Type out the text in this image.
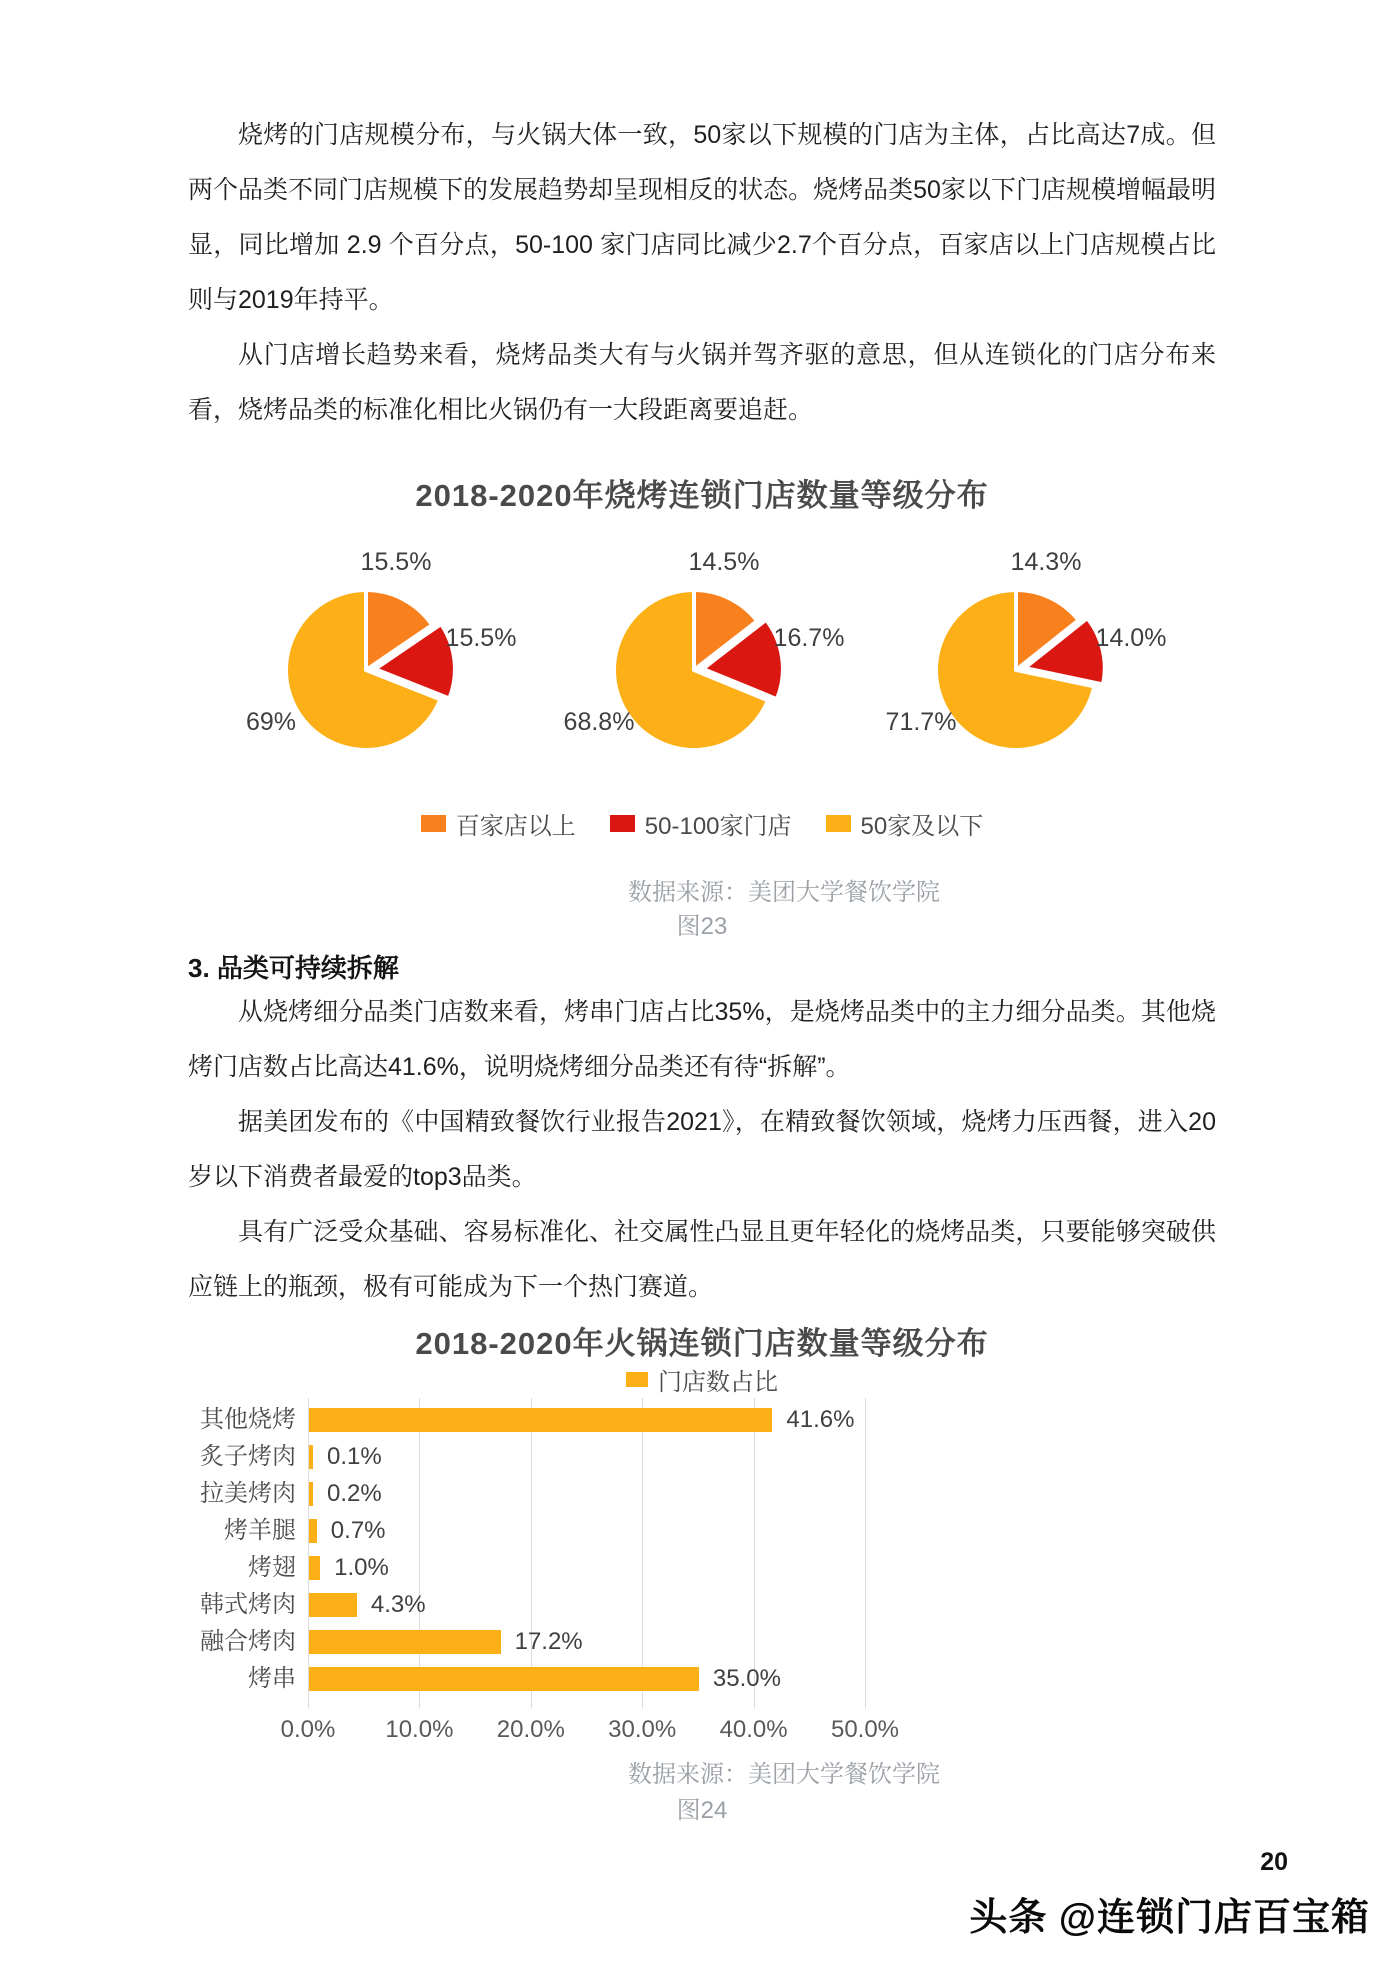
烧烤的门店规模分布，与火锅大体一致，50家以下规模的门店为主体，占比高达7成。但两个品类不同门店规模下的发展趋势却呈现相反的状态。烧烤品类50家以下门店规模增幅最明显，同比增加 2.9 个百分点，50-100 家门店同比减少2.7个百分点，百家店以上门店规模占比则与2019年持平。

从门店增长趋势来看，烧烤品类大有与火锅并驾齐驱的意思，但从连锁化的门店分布来看，烧烤品类的标准化相比火锅仍有一大段距离要追赶。

2018-2020年烧烤连锁门店数量等级分布
15.5%
15.5%
69%
14.5%
16.7%
68.8%
14.3%
14.0%
71.7%
百家店以上	50-100家门店	50家及以下
数据来源：美团大学餐饮学院
图23
3. 品类可持续拆解

从烧烤细分品类门店数来看，烤串门店占比35%，是烧烤品类中的主力细分品类。其他烧烤门店数占比高达41.6%，说明烧烤细分品类还有待“拆解”。

据美团发布的《中国精致餐饮行业报告2021》，在精致餐饮领域，烧烤力压西餐，进入20岁以下消费者最爱的top3品类。

具有广泛受众基础、容易标准化、社交属性凸显且更年轻化的烧烤品类，只要能够突破供应链上的瓶颈，极有可能成为下一个热门赛道。

2018-2020年火锅连锁门店数量等级分布
门店数占比
其他烧烤
炙子烤肉
拉美烤肉
烤羊腿
烤翅
韩式烤肉
融合烤肉
烤串
41.6%
0.1%
0.2%
0.7%
1.0%
4.3%
17.2%
35.0%
0.0%	10.0%	20.0%	30.0%	40.0%	50.0%
数据来源：美团大学餐饮学院
图24
20
头条 @连锁门店百宝箱
